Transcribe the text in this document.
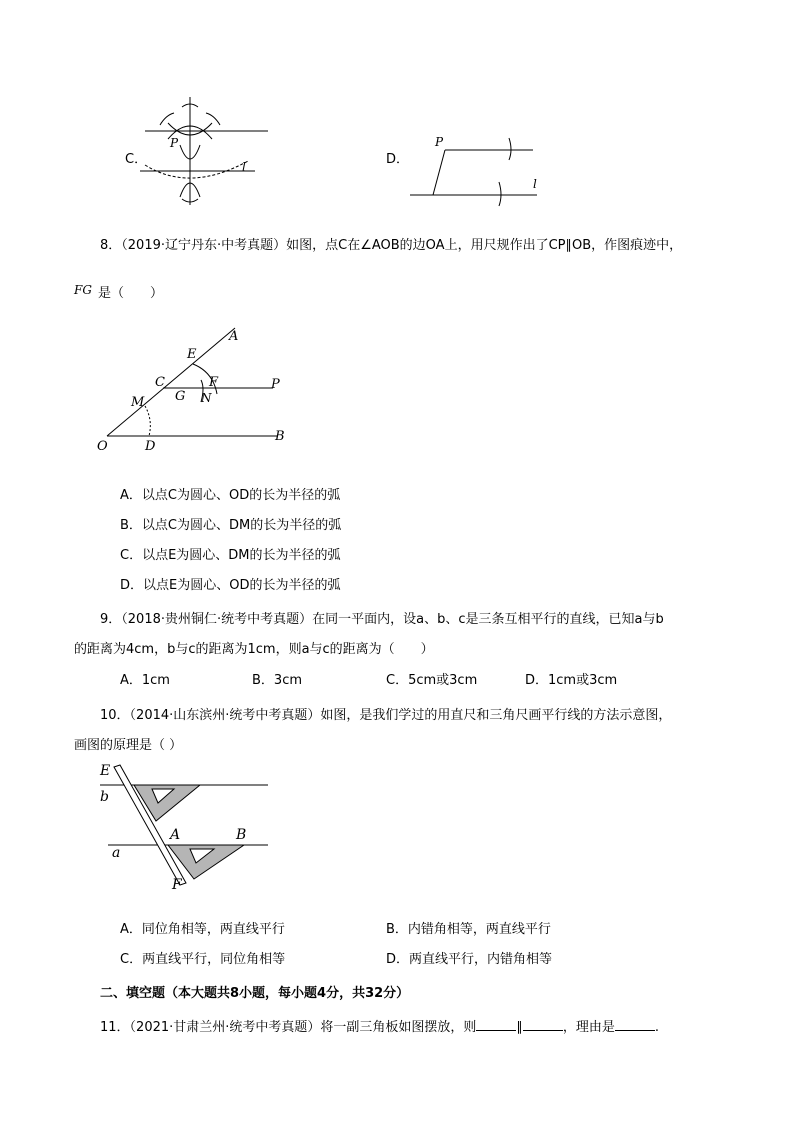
C．
P
l	D．
P
l
8．（2019·辽宁丹东·中考真题）如图，点C在∠AOB的边OA上，用尺规作出了CP∥OB，作图痕迹中，
FG 是（　　）
A
E
C	F	P
G N
M
O	D
B
A．以点C为圆心、OD的长为半径的弧
B．以点C为圆心、DM的长为半径的弧
C．以点E为圆心、DM的长为半径的弧
D．以点E为圆心、OD的长为半径的弧
9．（2018·贵州铜仁·统考中考真题）在同一平面内，设a、b、c是三条互相平行的直线，已知a与b
的距离为4cm，b与c的距离为1cm，则a与c的距离为（　　）
A．1cm	B．3cm	C．5cm或3cm	D．1cm或3cm
10．（2014·山东滨州·统考中考真题）如图，是我们学过的用直尺和三角尺画平行线的方法示意图，
画图的原理是（ ）
E
b
A	B
a
F
A．同位角相等，两直线平行	B．内错角相等，两直线平行
C．两直线平行，同位角相等	D．两直线平行，内错角相等
二、填空题（本大题共8小题，每小题4分，共32分）
11．（2021·甘肃兰州·统考中考真题）将一副三角板如图摆放，则	∥	，理由是	.
